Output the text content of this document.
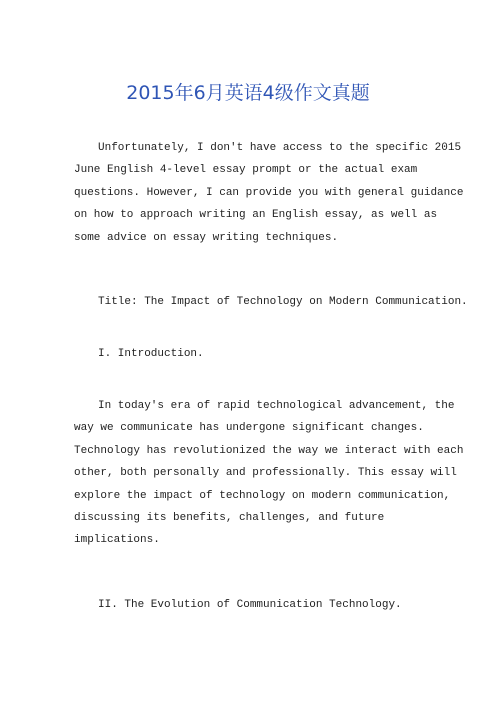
2015年6月英语4级作文真题
Unfortunately, I don't have access to the specific 2015
June English 4-level essay prompt or the actual exam
questions. However, I can provide you with general guidance
on how to approach writing an English essay, as well as
some advice on essay writing techniques.
Title: The Impact of Technology on Modern Communication.
I. Introduction.
In today's era of rapid technological advancement, the
way we communicate has undergone significant changes.
Technology has revolutionized the way we interact with each
other, both personally and professionally. This essay will
explore the impact of technology on modern communication,
discussing its benefits, challenges, and future
implications.
II. The Evolution of Communication Technology.
